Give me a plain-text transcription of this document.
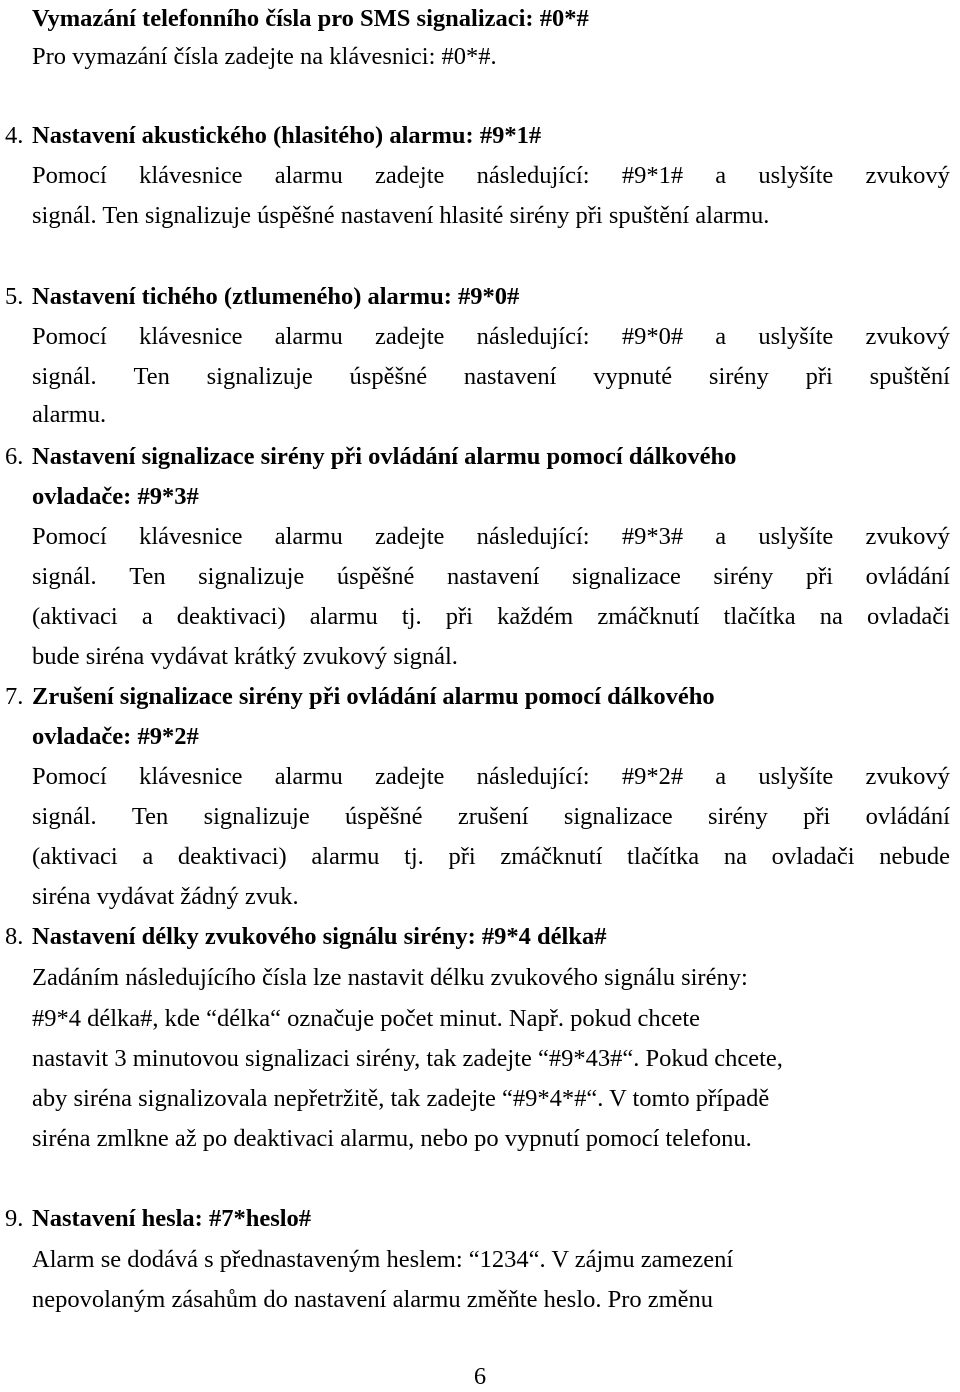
Vymazání telefonního čísla pro SMS signalizaci: #0*#
Pro vymazání čísla zadejte na klávesnici: #0*#.
4. Nastavení akustického (hlasitého) alarmu: #9*1#
Pomocí klávesnice alarmu zadejte následující: #9*1# a uslyšíte zvukový
signál. Ten signalizuje úspěšné nastavení hlasité sirény při spuštění alarmu.
5. Nastavení tichého (ztlumeného) alarmu: #9*0#
Pomocí klávesnice alarmu zadejte následující: #9*0# a uslyšíte zvukový
signál. Ten signalizuje úspěšné nastavení vypnuté sirény při spuštění
alarmu.
6. Nastavení signalizace sirény při ovládání alarmu pomocí dálkového
ovladače: #9*3#
Pomocí klávesnice alarmu zadejte následující: #9*3# a uslyšíte zvukový
signál. Ten signalizuje úspěšné nastavení signalizace sirény při ovládání
(aktivaci a deaktivaci) alarmu tj. při každém zmáčknutí tlačítka na ovladači
bude siréna vydávat krátký zvukový signál.
7. Zrušení signalizace sirény při ovládání alarmu pomocí dálkového
ovladače: #9*2#
Pomocí klávesnice alarmu zadejte následující: #9*2# a uslyšíte zvukový
signál. Ten signalizuje úspěšné zrušení signalizace sirény při ovládání
(aktivaci a deaktivaci) alarmu tj. při zmáčknutí tlačítka na ovladači nebude
siréna vydávat žádný zvuk.
8. Nastavení délky zvukového signálu sirény: #9*4 délka#
Zadáním následujícího čísla lze nastavit délku zvukového signálu sirény:
#9*4 délka#, kde “délka“ označuje počet minut. Např. pokud chcete
nastavit 3 minutovou signalizaci sirény, tak zadejte “#9*43#“. Pokud chcete,
aby siréna signalizovala nepřetržitě, tak zadejte “#9*4*#“. V tomto případě
siréna zmlkne až po deaktivaci alarmu, nebo po vypnutí pomocí telefonu.
9. Nastavení hesla: #7*heslo#
Alarm se dodává s přednastaveným heslem: “1234“. V zájmu zamezení
nepovolaným zásahům do nastavení alarmu změňte heslo. Pro změnu
6
